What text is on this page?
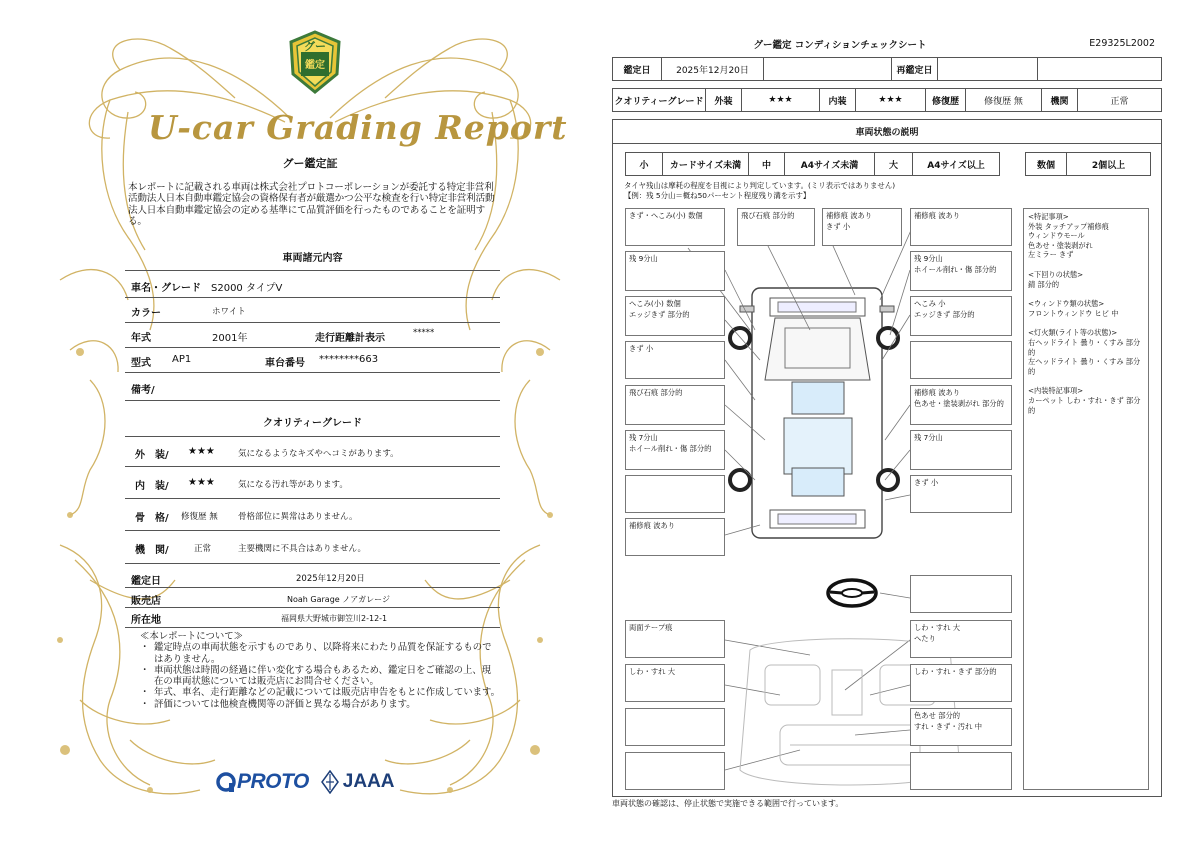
グー
鑑定
U-car Grading Report
グー鑑定証
本レポートに記載される車両は株式会社プロトコーポレーションが委託する特定非営利活動法人日本自動車鑑定協会の資格保有者が厳選かつ公平な検査を行い特定非営利活動法人日本自動車鑑定協会の定める基準にて品質評価を行ったものであることを証明する。
車両諸元内容
車名・グレード S2000 タイプV
カラー	ホワイト
年式	2001年	走行距離計表示	*****
型式 AP1	車台番号 ********663
備考/
クオリティーグレード
外　装/ ★★★	気になるようなキズやへコミがあります。
内　装/ ★★★	気になる汚れ等があります。
骨　格/ 修復歴 無 骨格部位に異常はありません。
機　関/	正常	主要機関に不具合はありません。
鑑定日	2025年12月20日
販売店	Noah Garage ノアガレージ
所在地	福岡県大野城市御笠川2-12-1
≪本レポートについて≫
・ 鑑定時点の車両状態を示すものであり、以降将来にわたり品質を保証するものではありません。
・ 車両状態は時間の経過に伴い変化する場合もあるため、鑑定日をご確認の上、現在の車両状態については販売店にお問合せください。
・ 年式、車名、走行距離などの記載については販売店申告をもとに作成しています。
・ 評価については他検査機関等の評価と異なる場合があります。
PROTO JAAA
グー鑑定 コンディションチェックシート	E29325L2002
鑑定日	2025年12月20日	再鑑定日
クオリティーグレード	外装	★★★	内装	★★★	修復歴	修復歴 無	機関	正常
車両状態の説明
小	カードサイズ未満	中	A4サイズ未満	大	A4サイズ以上	数個	2個以上
タイヤ残山は摩耗の程度を目視により判定しています。(ミリ表示ではありません)
【例：残 5分山＝概ね50パーセント程度残り溝を示す】
きず・へこみ(小) 数個	飛び石痕 部分的	補修痕 波あり
きず 小
補修痕 波あり
残 9分山	残 9分山
ホイール削れ・傷 部分的
へこみ(小) 数個
エッジきず 部分的
へこみ 小
エッジきず 部分的
きず 小
飛び石痕 部分的	補修痕 波あり
色あせ・塗装剥がれ 部分的
残 7分山
ホイール削れ・傷 部分的
残 7分山
きず 小
補修痕 波あり
両面テープ痕	しわ・すれ 大
へたり
しわ・すれ 大	しわ・すれ・きず 部分的
色あせ 部分的
すれ・きず・汚れ 中
<特記事項>
外装 タッチアップ補修痕
ウィンドウモール
色あせ・塗装剥がれ
左ミラー きず
<下回りの状態>
錆 部分的
<ウィンドウ類の状態>
フロントウィンドウ ヒビ 中
<灯火類(ライト等の状態)>
右ヘッドライト 曇り・くすみ 部分的
左ヘッドライト 曇り・くすみ 部分的
<内装特記事項>
カーペット しわ・すれ・きず 部分的
車両状態の確認は、停止状態で実施できる範囲で行っています。
